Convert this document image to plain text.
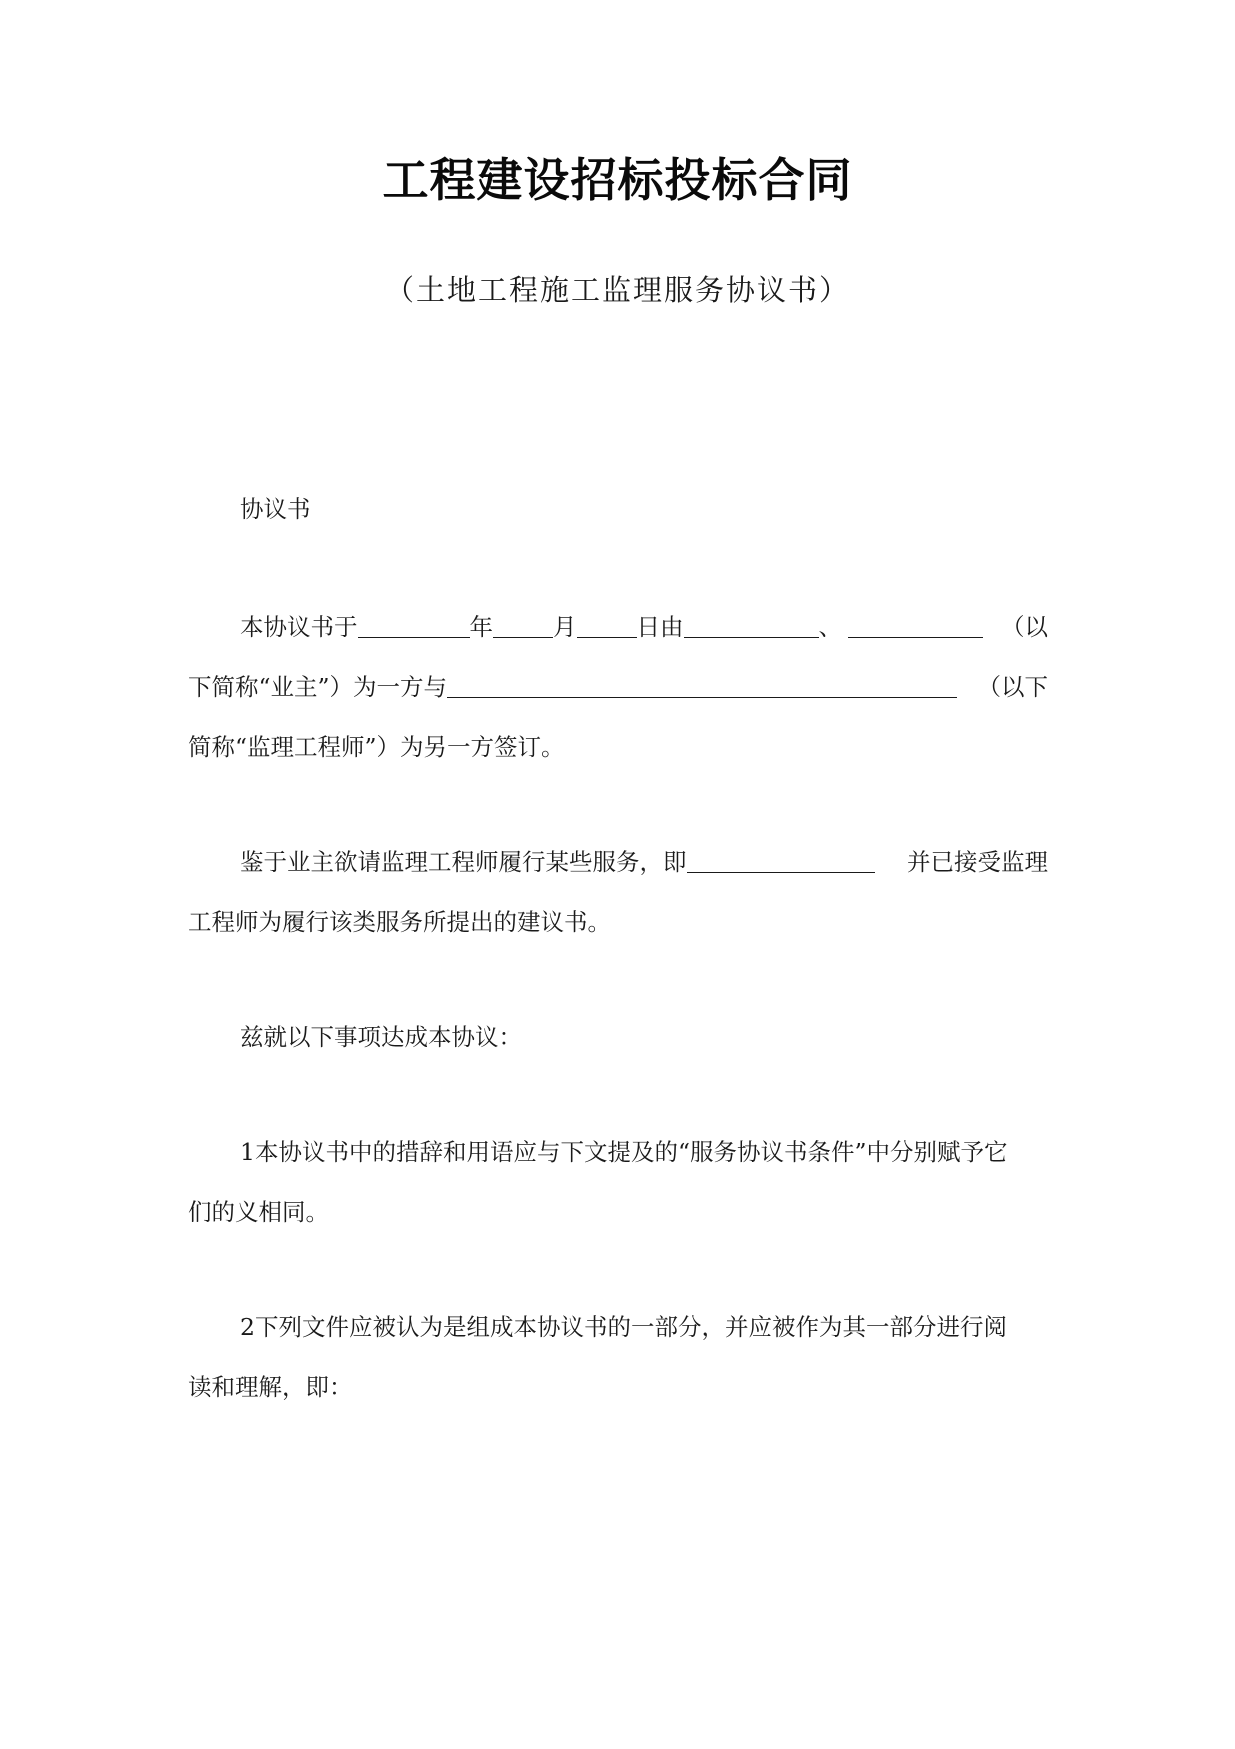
工程建设招标投标合同
（土地工程施工监理服务协议书）
协议书
本协议书于	年	月	日由	、	（以
下简称“业主”）为一方与	（以下
简称“监理工程师”）为另一方签订。
鉴于业主欲请监理工程师履行某些服务，即	并已接受监理
工程师为履行该类服务所提出的建议书。
兹就以下事项达成本协议：
1本协议书中的措辞和用语应与下文提及的“服务协议书条件”中分别赋予它
们的义相同。
2下列文件应被认为是组成本协议书的一部分，并应被作为其一部分进行阅
读和理解，即：
